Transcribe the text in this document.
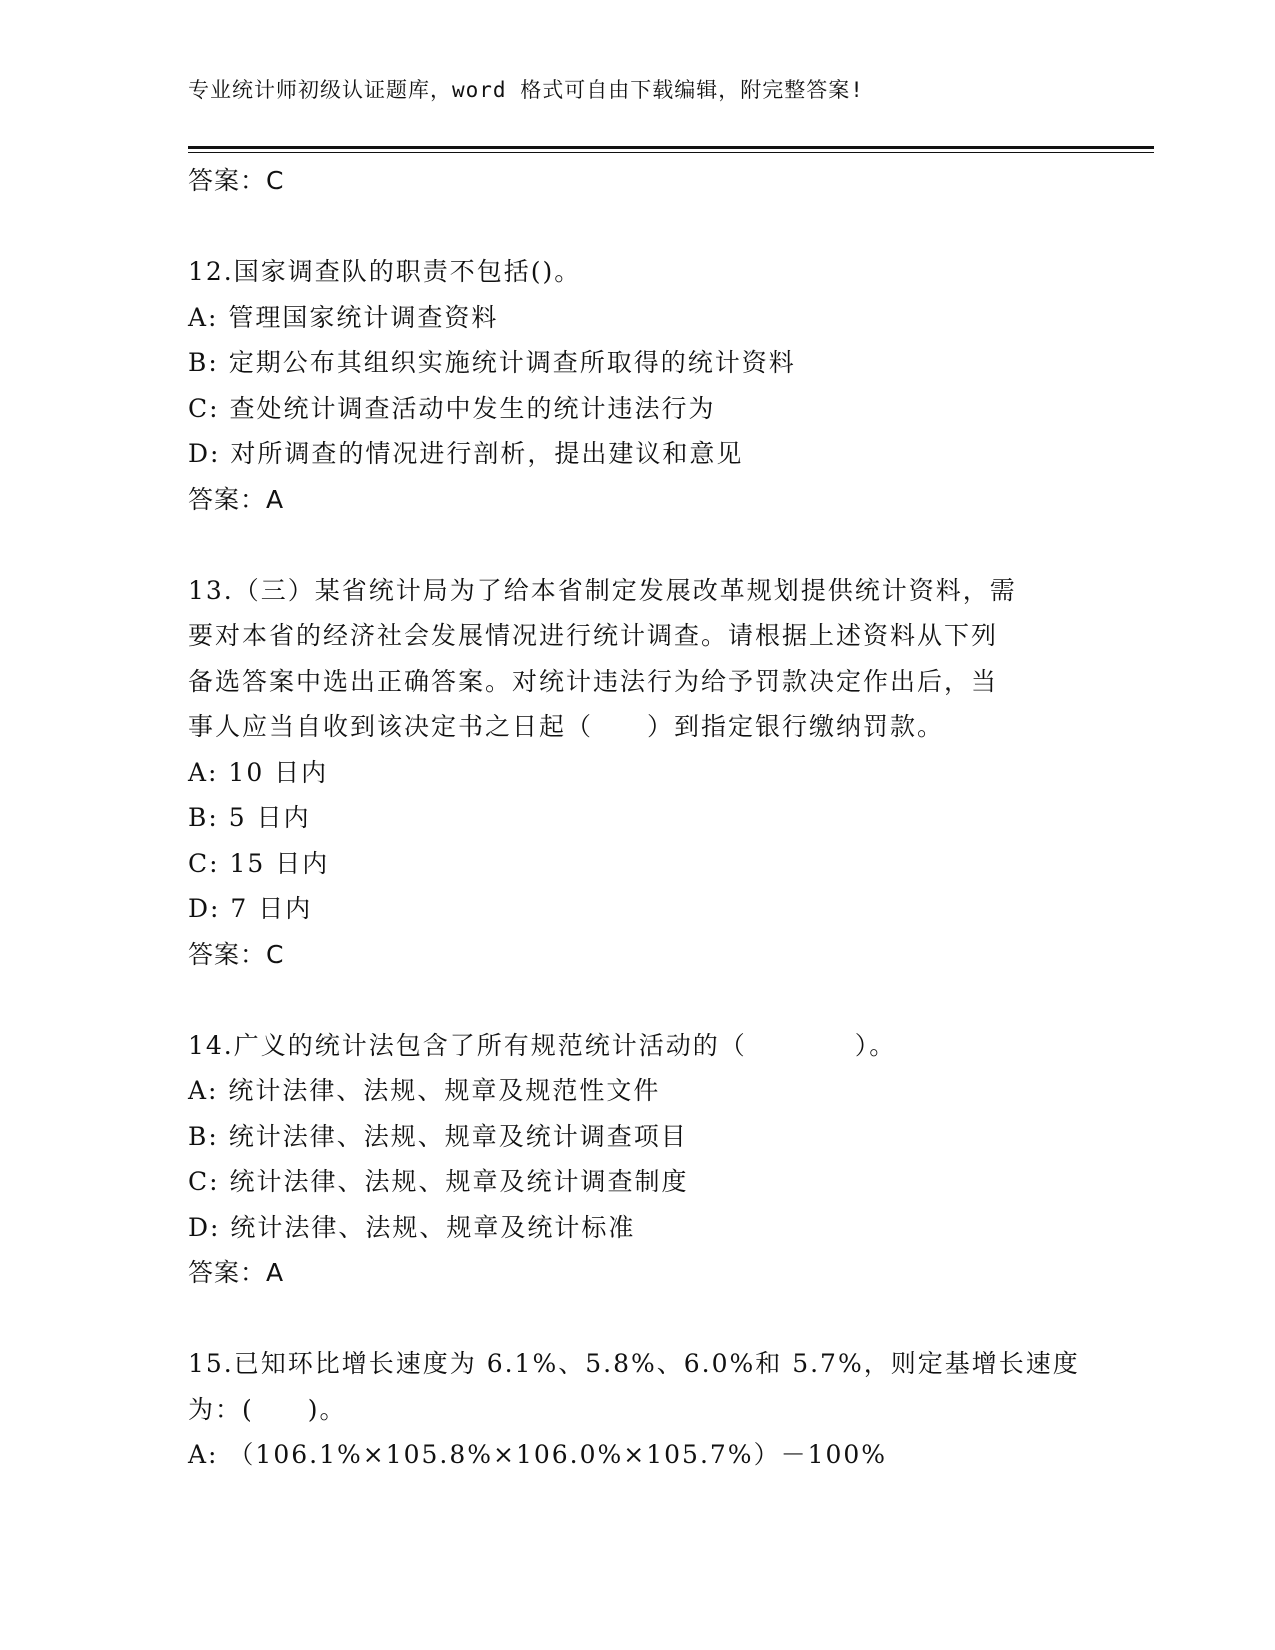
专业统计师初级认证题库，word 格式可自由下载编辑，附完整答案!
答案：C
12.国家调查队的职责不包括()。
A: 管理国家统计调查资料
B: 定期公布其组织实施统计调查所取得的统计资料
C: 查处统计调查活动中发生的统计违法行为
D: 对所调查的情况进行剖析，提出建议和意见
答案：A
13.（三）某省统计局为了给本省制定发展改革规划提供统计资料，需
要对本省的经济社会发展情况进行统计调查。请根据上述资料从下列
备选答案中选出正确答案。对统计违法行为给予罚款决定作出后，当
事人应当自收到该决定书之日起（　　）到指定银行缴纳罚款。
A: 10 日内
B: 5 日内
C: 15 日内
D: 7 日内
答案：C
14.广义的统计法包含了所有规范统计活动的（　　　　）。
A: 统计法律、法规、规章及规范性文件
B: 统计法律、法规、规章及统计调查项目
C: 统计法律、法规、规章及统计调查制度
D: 统计法律、法规、规章及统计标准
答案：A
15.已知环比增长速度为 6.1%、5.8%、6.0%和 5.7%，则定基增长速度
为：(　　)。
A: （106.1%×105.8%×106.0%×105.7%）－100%
